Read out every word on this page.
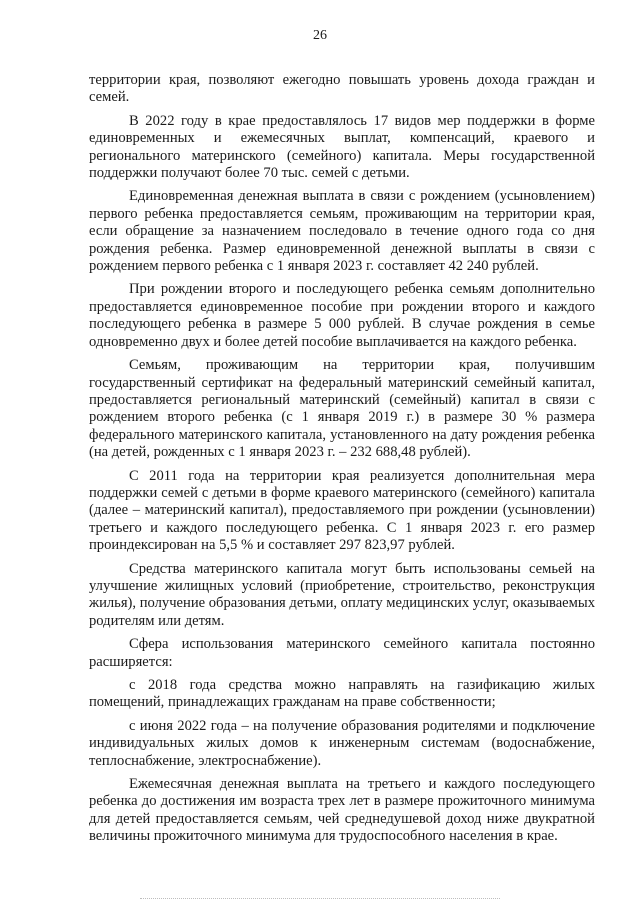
26

территории края, позволяют ежегодно повышать уровень дохода граждан и семей.

В 2022 году в крае предоставлялось 17 видов мер поддержки в форме единовременных и ежемесячных выплат, компенсаций, краевого и регионального материнского (семейного) капитала. Меры государственной поддержки получают более 70 тыс. семей с детьми.

Единовременная денежная выплата в связи с рождением (усыновлением) первого ребенка предоставляется семьям, проживающим на территории края, если обращение за назначением последовало в течение одного года со дня рождения ребенка. Размер единовременной денежной выплаты в связи с рождением первого ребенка с 1 января 2023 г. составляет 42 240 рублей.

При рождении второго и последующего ребенка семьям дополнительно предоставляется единовременное пособие при рождении второго и каждого последующего ребенка в размере 5 000 рублей. В случае рождения в семье одновременно двух и более детей пособие выплачивается на каждого ребенка.

Семьям, проживающим на территории края, получившим государственный сертификат на федеральный материнский семейный капитал, предоставляется региональный материнский (семейный) капитал в связи с рождением второго ребенка (с 1 января 2019 г.) в размере 30 % размера федерального материнского капитала, установленного на дату рождения ребенка (на детей, рожденных с 1 января 2023 г. – 232 688,48 рублей).

С 2011 года на территории края реализуется дополнительная мера поддержки семей с детьми в форме краевого материнского (семейного) капитала (далее – материнский капитал), предоставляемого при рождении (усыновлении) третьего и каждого последующего ребенка. С 1 января 2023 г. его размер проиндексирован на 5,5 % и составляет 297 823,97 рублей.

Средства материнского капитала могут быть использованы семьей на улучшение жилищных условий (приобретение, строительство, реконструкция жилья), получение образования детьми, оплату медицинских услуг, оказываемых родителям или детям.

Сфера использования материнского семейного капитала постоянно расширяется:

с 2018 года средства можно направлять на газификацию жилых помещений, принадлежащих гражданам на праве собственности;

с июня 2022 года – на получение образования родителями и подключение индивидуальных жилых домов к инженерным системам (водоснабжение, теплоснабжение, электроснабжение).

Ежемесячная денежная выплата на третьего и каждого последующего ребенка до достижения им возраста трех лет в размере прожиточного минимума для детей предоставляется семьям, чей среднедушевой доход ниже двукратной величины прожиточного минимума для трудоспособного населения в крае.
